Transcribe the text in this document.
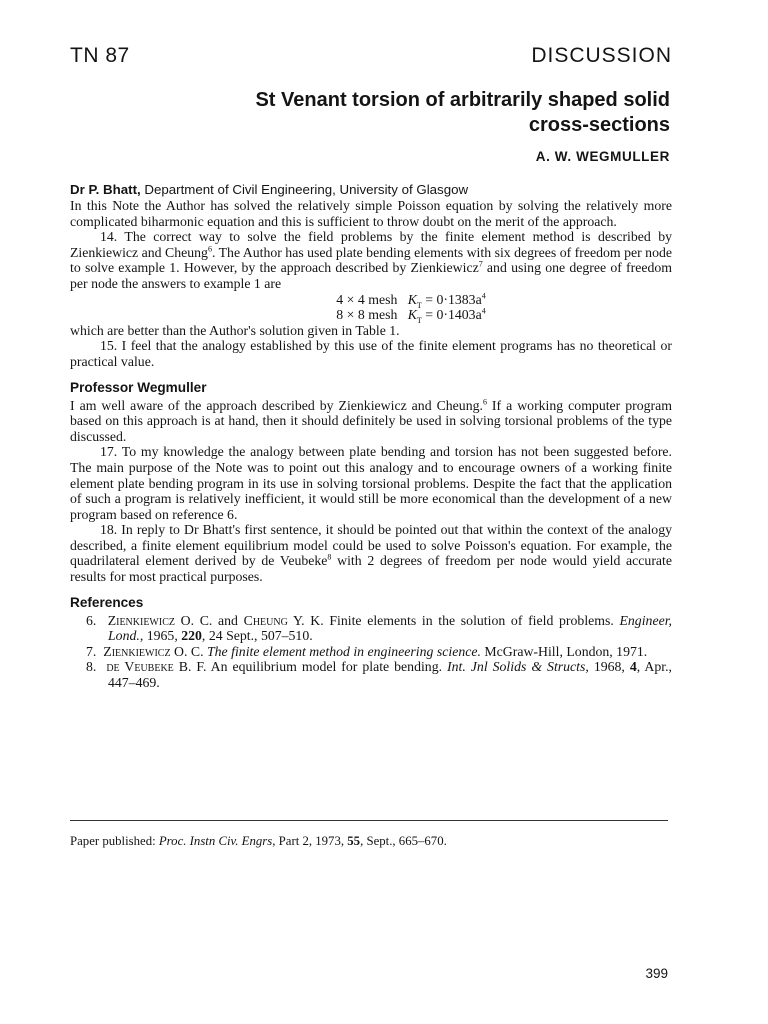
TN 87	DISCUSSION
St Venant torsion of arbitrarily shaped solid
cross-sections
A. W. WEGMULLER
Dr P. Bhatt, Department of Civil Engineering, University of Glasgow

In this Note the Author has solved the relatively simple Poisson equation by solving the relatively more complicated biharmonic equation and this is sufficient to throw doubt on the merit of the approach.

14. The correct way to solve the field problems by the finite element method is described by Zienkiewicz and Cheung$^6$. The Author has used plate bending elements with six degrees of freedom per node to solve example 1. However, by the approach described by Zienkiewicz$^7$ and using one degree of freedom per node the answers to example 1 are

4 × 4 mesh $K_T = 0\cdot 1383a^4$
8 × 8 mesh $K_T = 0\cdot 1403a^4$

which are better than the Author's solution given in Table 1.

15. I feel that the analogy established by this use of the finite element programs has no theoretical or practical value.

Professor Wegmuller

I am well aware of the approach described by Zienkiewicz and Cheung.$^6$ If a working computer program based on this approach is at hand, then it should definitely be used in solving torsional problems of the type discussed.

17. To my knowledge the analogy between plate bending and torsion has not been suggested before. The main purpose of the Note was to point out this analogy and to encourage owners of a working finite element plate bending program in its use in solving torsional problems. Despite the fact that the application of such a program is relatively inefficient, it would still be more economical than the development of a new program based on reference 6.

18. In reply to Dr Bhatt's first sentence, it should be pointed out that within the context of the analogy described, a finite element equilibrium model could be used to solve Poisson's equation. For example, the quadrilateral element derived by de Veubeke$^8$ with 2 degrees of freedom per node would yield accurate results for most practical purposes.

References

6. Zienkiewicz O. C. and Cheung Y. K. Finite elements in the solution of field problems. Engineer, Lond., 1965, 220, 24 Sept., 507–510.

7. Zienkiewicz O. C. The finite element method in engineering science. McGraw-Hill, London, 1971.

8. de Veubeke B. F. An equilibrium model for plate bending. Int. Jnl Solids & Structs, 1968, 4, Apr., 447–469.

Paper published: Proc. Instn Civ. Engrs, Part 2, 1973, 55, Sept., 665–670.
399
